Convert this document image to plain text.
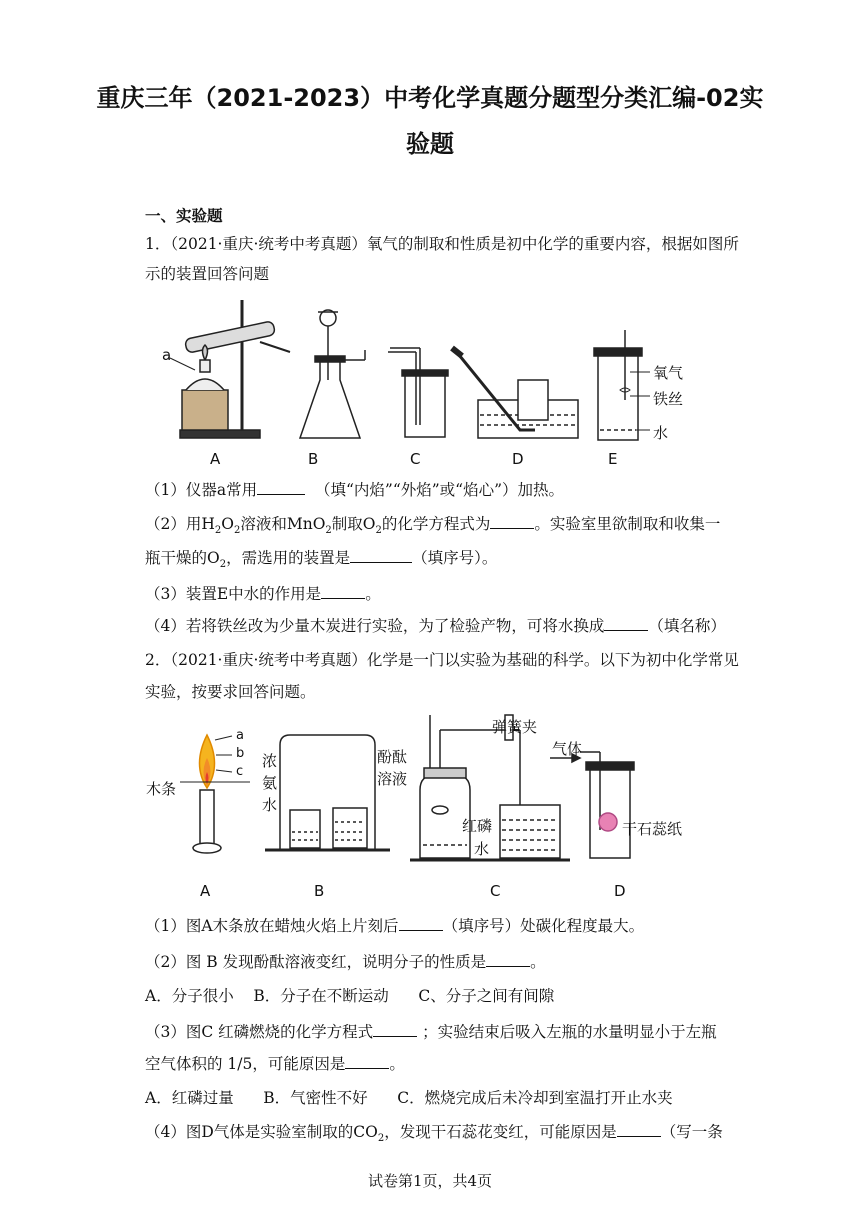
重庆三年（2021-2023）中考化学真题分题型分类汇编-02实
验题
一、实验题
1．（2021·重庆·统考中考真题）氧气的制取和性质是初中化学的重要内容，根据如图所
示的装置回答问题
a
氧气
铁丝
水
A	B	C	D	E
（1）仪器a常用	（填“内焰”“外焰”或“焰心”）加热。
（2）用$H_2O_2$溶液和MnO$_2$制取$O_2$的化学方程式为	。实验室里欲制取和收集一
瓶干燥的$O_2$，需选用的装置是	（填序号）。
（3）装置E中水的作用是	。
（4）若将铁丝改为少量木炭进行实验，为了检验产物，可将水换成	（填名称）
2．（2021·重庆·统考中考真题）化学是一门以实验为基础的科学。以下为初中化学常见
实验，按要求回答问题。
木条
a
b
c
浓
氨
水
酚酞
溶液
弹簧夹
红磷
水
气体
干石蕊纸
A	B	C	D
（1）图A木条放在蜡烛火焰上片刻后	（填序号）处碳化程度最大。
（2）图 B 发现酚酞溶液变红，说明分子的性质是	。
A．分子很小    B．分子在不断运动      C、分子之间有间隙
（3）图C 红磷燃烧的化学方程式	；实验结束后吸入左瓶的水量明显小于左瓶
空气体积的 1/5，可能原因是	。
A．红磷过量      B．气密性不好      C．燃烧完成后未冷却到室温打开止水夹
（4）图D气体是实验室制取的$CO_2$，发现干石蕊花变红，可能原因是	（写一条
试卷第1页，共4页
